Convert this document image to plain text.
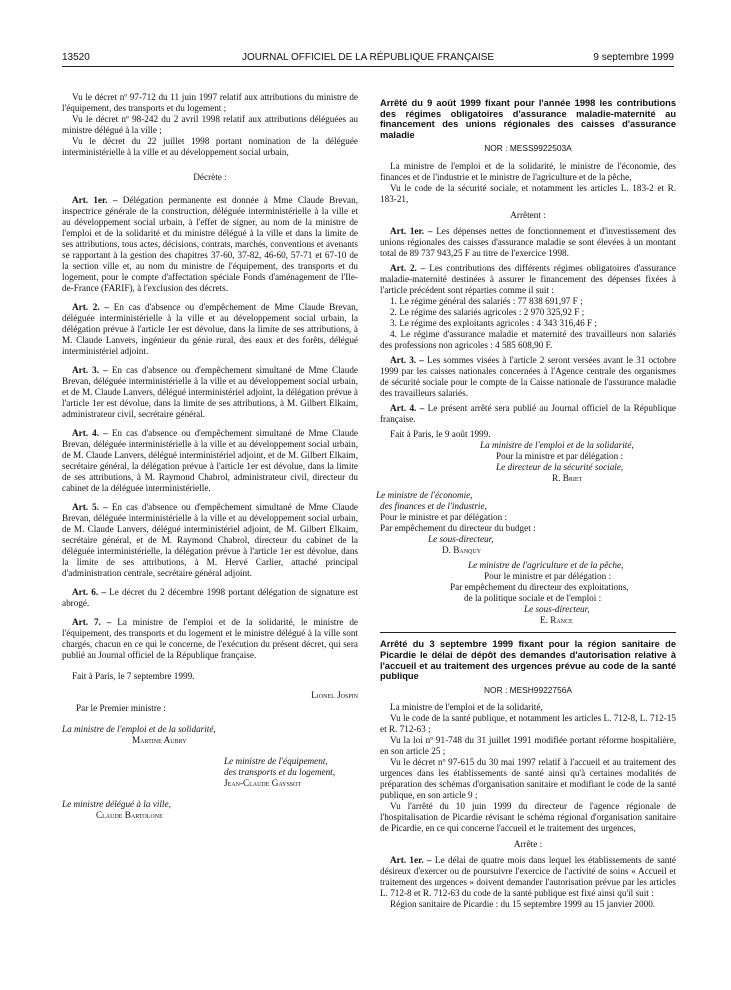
13520	JOURNAL OFFICIEL DE LA RÉPUBLIQUE FRANÇAISE	9 septembre 1999

Vu le décret nº 97-712 du 11 juin 1997 relatif aux attributions du ministre de l'équipement, des transports et du logement ;

Vu le décret nº 98-242 du 2 avril 1998 relatif aux attributions déléguées au ministre délégué à la ville ;

Vu le décret du 22 juillet 1998 portant nomination de la déléguée interministérielle à la ville et au développement social urbain,

Décrète :

Art. 1er. – Délégation permanente est donnée à Mme Claude Brevan, inspectrice générale de la construction, déléguée interministérielle à la ville et au développement social urbain, à l'effet de signer, au nom de la ministre de l'emploi et de la solidarité et du ministre délégué à la ville et dans la limite de ses attributions, tous actes, décisions, contrats, marchés, conventions et avenants se rapportant à la gestion des chapitres 37-60, 37-82, 46-60, 57-71 et 67-10 de la section ville et, au nom du ministre de l'équipement, des transports et du logement, pour le compte d'affectation spéciale Fonds d'aménagement de l'Ile-de-France (FARIF), à l'exclusion des décrets.

Art. 2. – En cas d'absence ou d'empêchement de Mme Claude Brevan, déléguée interministérielle à la ville et au développement social urbain, la délégation prévue à l'article 1er est dévolue, dans la limite de ses attributions, à M. Claude Lanvers, ingénieur du génie rural, des eaux et des forêts, délégué interministériel adjoint.

Art. 3. – En cas d'absence ou d'empêchement simultané de Mme Claude Brevan, déléguée interministérielle à la ville et au développement social urbain, et de M. Claude Lanvers, délégué interministériel adjoint, la délégation prévue à l'article 1er est dévolue, dans la limite de ses attributions, à M. Gilbert Elkaim, administrateur civil, secrétaire général.

Art. 4. – En cas d'absence ou d'empêchement simultané de Mme Claude Brevan, déléguée interministérielle à la ville et au développement social urbain, de M. Claude Lanvers, délégué interministériel adjoint, et de M. Gilbert Elkaim, secrétaire général, la délégation prévue à l'article 1er est dévolue, dans la limite de ses attributions, à M. Raymond Chabrol, administrateur civil, directeur du cabinet de la déléguée interministérielle.

Art. 5. – En cas d'absence ou d'empêchement simultané de Mme Claude Brevan, déléguée interministérielle à la ville et au développement social urbain, de M. Claude Lanvers, délégué interministériel adjoint, de M. Gilbert Elkaim, secrétaire général, et de M. Raymond Chabrol, directeur du cabinet de la déléguée interministérielle, la délégation prévue à l'article 1er est dévolue, dans la limite de ses attributions, à M. Hervé Carlier, attaché principal d'administration centrale, secrétaire général adjoint.

Art. 6. – Le décret du 2 décembre 1998 portant délégation de signature est abrogé.

Art. 7. – La ministre de l'emploi et de la solidarité, le ministre de l'équipement, des transports et du logement et le ministre délégué à la ville sont chargés, chacun en ce qui le concerne, de l'exécution du présent décret, qui sera publié au Journal officiel de la République française.

Fait à Paris, le 7 septembre 1999.

Lionel Jospin

Par le Premier ministre :

La ministre de l'emploi et de la solidarité,

Martine Aubry

Le ministre de l'équipement,

des transports et du logement,

Jean-Claude Gayssot

Le ministre délégué à la ville,

Claude Bartolone

Arrêté du 9 août 1999 fixant pour l'année 1998 les contributions des régimes obligatoires d'assurance maladie-maternité au financement des unions régionales des caisses d'assurance maladie

NOR : MESS9922503A

La ministre de l'emploi et de la solidarité, le ministre de l'économie, des finances et de l'industrie et le ministre de l'agriculture et de la pêche,

Vu le code de la sécurité sociale, et notamment les articles L. 183-2 et R. 183-21,

Arrêtent :

Art. 1er. – Les dépenses nettes de fonctionnement et d'investissement des unions régionales des caisses d'assurance maladie se sont élevées à un montant total de 89 737 943,25 F au titre de l'exercice 1998.

Art. 2. – Les contributions des différents régimes obligatoires d'assurance maladie-maternité destinées à assurer le financement des dépenses fixées à l'article précédent sont réparties comme il suit :

1. Le régime général des salariés : 77 838 691,97 F ;

2. Le régime des salariés agricoles : 2 970 325,92 F ;

3. Le régime des exploitants agricoles : 4 343 316,46 F ;

4. Le régime d'assurance maladie et maternité des travailleurs non salariés des professions non agricoles : 4 585 608,90 F.

Art. 3. – Les sommes visées à l'article 2 seront versées avant le 31 octobre 1999 par les caisses nationales concernées à l'Agence centrale des organismes de sécurité sociale pour le compte de la Caisse nationale de l'assurance maladie des travailleurs salariés.

Art. 4. – Le présent arrêté sera publié au Journal officiel de la République française.

Fait à Paris, le 9 août 1999.

La ministre de l'emploi et de la solidarité,

Pour la ministre et par délégation :

Le directeur de la sécurité sociale,

R. Briet

Le ministre de l'économie,

des finances et de l'industrie,

Pour le ministre et par délégation :

Par empêchement du directeur du budget :

Le sous-directeur,

D. Banquy

Le ministre de l'agriculture et de la pêche,

Pour le ministre et par délégation :

Par empêchement du directeur des exploitations,

de la politique sociale et de l'emploi :

Le sous-directeur,

E. Rance

Arrêté du 3 septembre 1999 fixant pour la région sanitaire de Picardie le délai de dépôt des demandes d'autorisation relative à l'accueil et au traitement des urgences prévue au code de la santé publique

NOR : MESH9922756A

La ministre de l'emploi et de la solidarité,

Vu le code de la santé publique, et notamment les articles L. 712-8, L. 712-15 et R. 712-63 ;

Vu la loi nº 91-748 du 31 juillet 1991 modifiée portant réforme hospitalière, en son article 25 ;

Vu le décret nº 97-615 du 30 mai 1997 relatif à l'accueil et au traitement des urgences dans les établissements de santé ainsi qu'à certaines modalités de préparation des schémas d'organisation sanitaire et modifiant le code de la santé publique, en son article 9 ;

Vu l'arrêté du 10 juin 1999 du directeur de l'agence régionale de l'hospitalisation de Picardie révisant le schéma régional d'organisation sanitaire de Picardie, en ce qui concerne l'accueil et le traitement des urgences,

Arrête :

Art. 1er. – Le délai de quatre mois dans lequel les établissements de santé désireux d'exercer ou de poursuivre l'exercice de l'activité de soins « Accueil et traitement des urgences » doivent demander l'autorisation prévue par les articles L. 712-8 et R. 712-63 du code de la santé publique est fixé ainsi qu'il suit :

Région sanitaire de Picardie : du 15 septembre 1999 au 15 janvier 2000.
